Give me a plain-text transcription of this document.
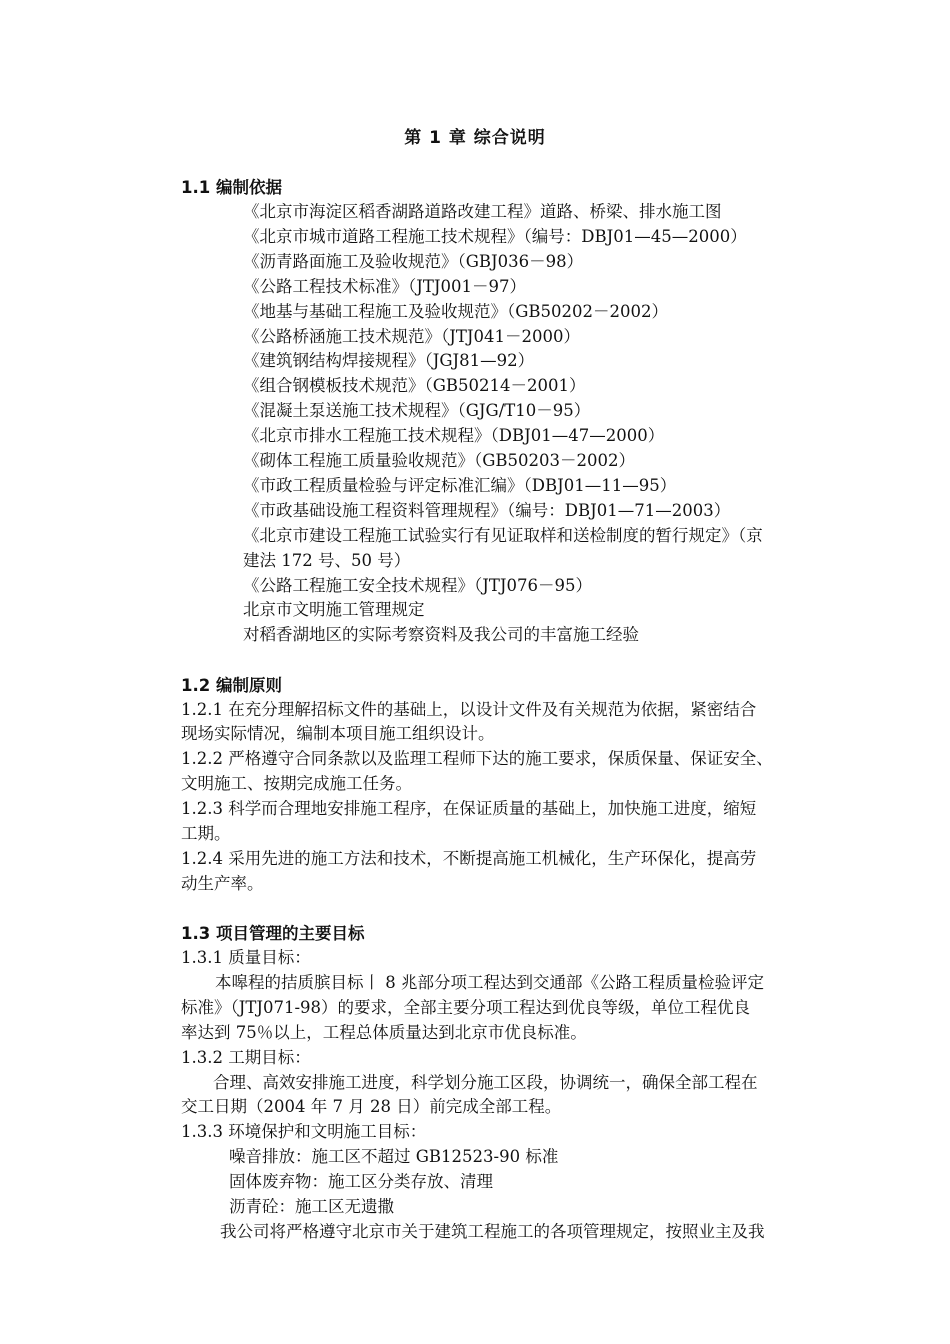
第 1 章 综合说明
1.1 编制依据
《北京市海淀区稻香湖路道路改建工程》道路、桥梁、排水施工图
《北京市城市道路工程施工技术规程》（编号：DBJ01—45—2000）
《沥青路面施工及验收规范》（GBJ036－98）
《公路工程技术标准》（JTJ001－97）
《地基与基础工程施工及验收规范》（GB50202－2002）
《公路桥涵施工技术规范》（JTJ041－2000）
《建筑钢结构焊接规程》（JGJ81—92）
《组合钢模板技术规范》（GB50214－2001）
《混凝土泵送施工技术规程》（GJG/T10－95）
《北京市排水工程施工技术规程》（DBJ01—47—2000）
《砌体工程施工质量验收规范》（GB50203－2002）
《市政工程质量检验与评定标准汇编》（DBJ01—11—95）
《市政基础设施工程资料管理规程》（编号：DBJ01—71—2003）
《北京市建设工程施工试验实行有见证取样和送检制度的暂行规定》（京
建法 172 号、50 号）
《公路工程施工安全技术规程》（JTJ076－95）
北京市文明施工管理规定
对稻香湖地区的实际考察资料及我公司的丰富施工经验
1.2 编制原则
1.2.1 在充分理解招标文件的基础上，以设计文件及有关规范为依据，紧密结合
现场实际情况，编制本项目施工组织设计。
1.2.2 严格遵守合同条款以及监理工程师下达的施工要求，保质保量、保证安全、
文明施工、按期完成施工任务。
1.2.3 科学而合理地安排施工程序，在保证质量的基础上，加快施工进度，缩短
工期。
1.2.4 采用先进的施工方法和技术，不断提高施工机械化，生产环保化，提高劳
动生产率。
1.3 项目管理的主要目标
1.3.1 质量目标：
本嗥程的拮质膑目标丨 8 兆部分项工程达到交通部《公路工程质量检验评定
标准》（JTJ071-98）的要求，全部主要分项工程达到优良等级，单位工程优良
率达到 75％以上，工程总体质量达到北京市优良标准。
1.3.2 工期目标：
合理、高效安排施工进度，科学划分施工区段，协调统一，确保全部工程在
交工日期（2004 年 7 月 28 日）前完成全部工程。
1.3.3 环境保护和文明施工目标：
噪音排放：施工区不超过 GB12523-90 标准
固体废弃物：施工区分类存放、清理
沥青砼：施工区无遗撒
我公司将严格遵守北京市关于建筑工程施工的各项管理规定，按照业主及我
